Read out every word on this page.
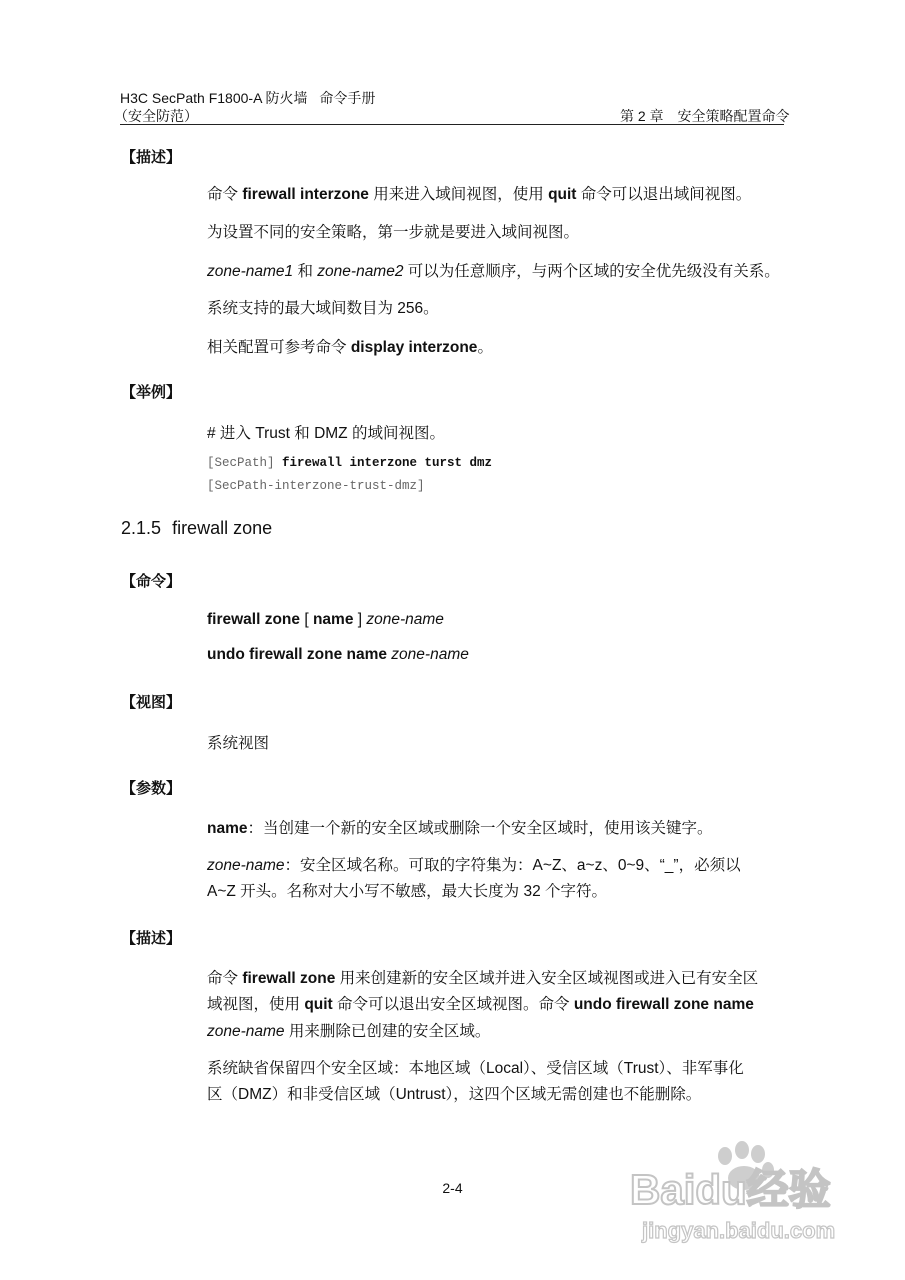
H3C SecPath F1800-A 防火墙 命令手册
（安全防范）	第 2 章 安全策略配置命令
【描述】
命令 firewall interzone 用来进入域间视图，使用 quit 命令可以退出域间视图。
为设置不同的安全策略，第一步就是要进入域间视图。
zone-name1 和 zone-name2 可以为任意顺序，与两个区域的安全优先级没有关系。
系统支持的最大域间数目为 256。
相关配置可参考命令 display interzone。
【举例】
# 进入 Trust 和 DMZ 的域间视图。
[SecPath] firewall interzone turst dmz
[SecPath-interzone-trust-dmz]
2.1.5 firewall zone
【命令】
firewall zone [ name ] zone-name
undo firewall zone name zone-name
【视图】
系统视图
【参数】
name：当创建一个新的安全区域或删除一个安全区域时，使用该关键字。
zone-name：安全区域名称。可取的字符集为：A~Z、a~z、0~9、“_”，必须以
A~Z 开头。名称对大小写不敏感，最大长度为 32 个字符。
【描述】
命令 firewall zone 用来创建新的安全区域并进入安全区域视图或进入已有安全区
域视图，使用 quit 命令可以退出安全区域视图。命令 undo firewall zone name
zone-name 用来删除已创建的安全区域。
系统缺省保留四个安全区域：本地区域（Local）、受信区域（Trust）、非军事化
区（DMZ）和非受信区域（Untrust），这四个区域无需创建也不能删除。
2-4	Baidu经验
jingyan.baidu.com
